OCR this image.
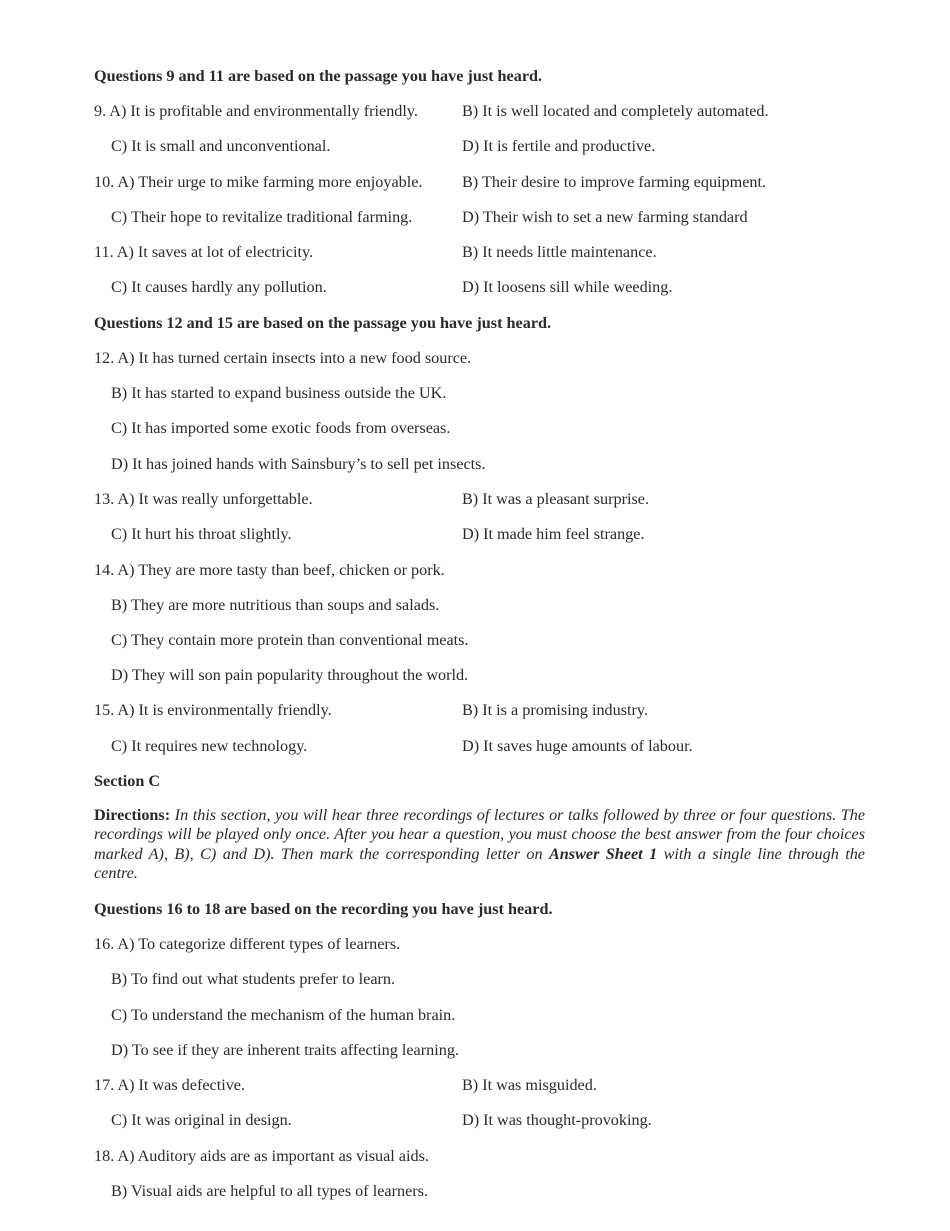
Questions 9 and 11 are based on the passage you have just heard.
9. A) It is profitable and environmentally friendly.	B) It is well located and completely automated.
C) It is small and unconventional.	D) It is fertile and productive.
10. A) Their urge to mike farming more enjoyable. B) Their desire to improve farming equipment.
C) Their hope to revitalize traditional farming.	D) Their wish to set a new farming standard
11. A) It saves at lot of electricity.	B) It needs little maintenance.
C) It causes hardly any pollution.	D) It loosens sill while weeding.
Questions 12 and 15 are based on the passage you have just heard.
12. A) It has turned certain insects into a new food source.
B) It has started to expand business outside the UK.
C) It has imported some exotic foods from overseas.
D) It has joined hands with Sainsbury’s to sell pet insects.
13. A) It was really unforgettable.	B) It was a pleasant surprise.
C) It hurt his throat slightly.	D) It made him feel strange.
14. A) They are more tasty than beef, chicken or pork.
B) They are more nutritious than soups and salads.
C) They contain more protein than conventional meats.
D) They will son pain popularity throughout the world.
15. A) It is environmentally friendly.	B) It is a promising industry.
C) It requires new technology.	D) It saves huge amounts of labour.
Section C
Directions: In this section, you will hear three recordings of lectures or talks followed by three or four questions. The recordings will be played only once. After you hear a question, you must choose the best answer from the four choices marked A), B), C) and D). Then mark the corresponding letter on Answer Sheet 1 with a single line through the centre.
Questions 16 to 18 are based on the recording you have just heard.
16. A) To categorize different types of learners.
B) To find out what students prefer to learn.
C) To understand the mechanism of the human brain.
D) To see if they are inherent traits affecting learning.
17. A) It was defective.	B) It was misguided.
C) It was original in design.	D) It was thought-provoking.
18. A) Auditory aids are as important as visual aids.
B) Visual aids are helpful to all types of learners.
